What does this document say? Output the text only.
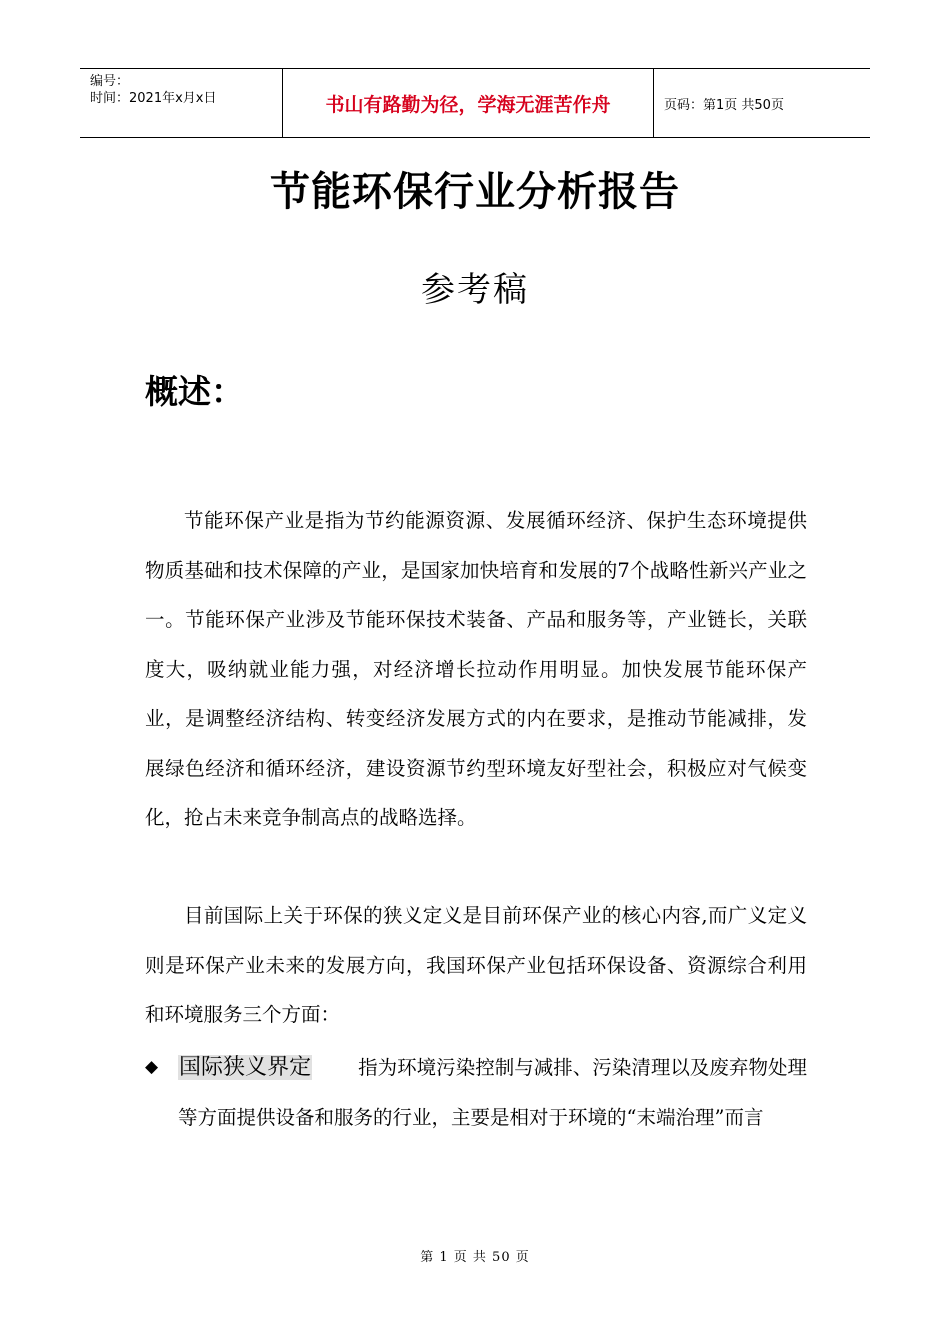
编号：
时间：2021年x月x日	书山有路勤为径，学海无涯苦作舟	页码：第1页 共50页
节能环保行业分析报告
参考稿
概述：
节能环保产业是指为节约能源资源、发展循环经济、保护生态环境提供物质基础和技术保障的产业，是国家加快培育和发展的7个战略性新兴产业之一。节能环保产业涉及节能环保技术装备、产品和服务等，产业链长，关联度大，吸纳就业能力强，对经济增长拉动作用明显。加快发展节能环保产业，是调整经济结构、转变经济发展方式的内在要求，是推动节能减排，发展绿色经济和循环经济，建设资源节约型环境友好型社会，积极应对气候变化，抢占未来竞争制高点的战略选择。
目前国际上关于环保的狭义定义是目前环保产业的核心内容,而广义定义则是环保产业未来的发展方向，我国环保产业包括环保设备、资源综合利用和环境服务三个方面：
◆ 国际狭义界定 指为环境污染控制与减排、污染清理以及废弃物处理等方面提供设备和服务的行业，主要是相对于环境的“末端治理”而言
第 1 页 共 50 页
